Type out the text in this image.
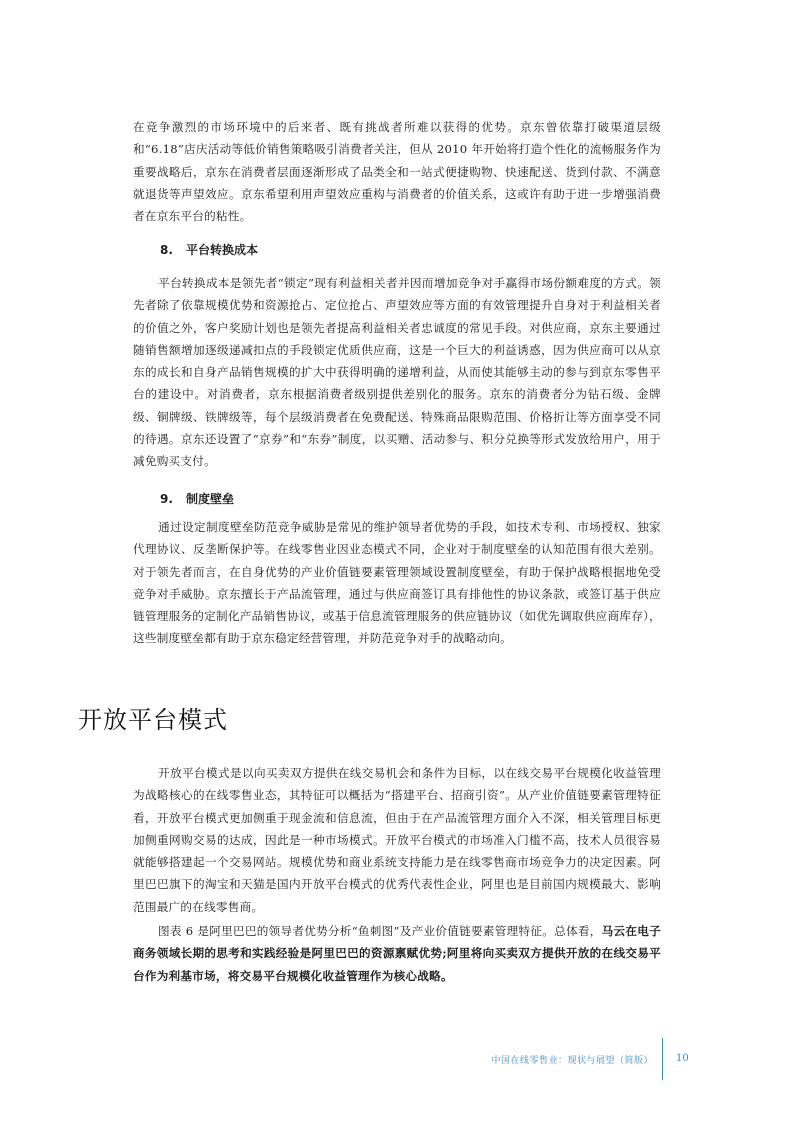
在竞争激烈的市场环境中的后来者、既有挑战者所难以获得的优势。京东曾依靠打破渠道层级和“6.18”店庆活动等低价销售策略吸引消费者关注，但从 2010 年开始将打造个性化的流畅服务作为重要战略后，京东在消费者层面逐渐形成了品类全和一站式便捷购物、快速配送、货到付款、不满意就退货等声望效应。京东希望利用声望效应重构与消费者的价值关系，这或许有助于进一步增强消费者在京东平台的粘性。

8. 平台转换成本

平台转换成本是领先者“锁定”现有利益相关者并因而增加竞争对手赢得市场份额难度的方式。领先者除了依靠规模优势和资源抢占、定位抢占、声望效应等方面的有效管理提升自身对于利益相关者的价值之外，客户奖励计划也是领先者提高利益相关者忠诚度的常见手段。对供应商，京东主要通过随销售额增加逐级递减扣点的手段锁定优质供应商，这是一个巨大的利益诱惑，因为供应商可以从京东的成长和自身产品销售规模的扩大中获得明确的递增利益，从而使其能够主动的参与到京东零售平台的建设中。对消费者，京东根据消费者级别提供差别化的服务。京东的消费者分为钻石级、金牌级、铜牌级、铁牌级等，每个层级消费者在免费配送、特殊商品限购范围、价格折让等方面享受不同的待遇。京东还设置了“京券”和“东券”制度，以买赠、活动参与、积分兑换等形式发放给用户，用于减免购买支付。

9. 制度壁垒

通过设定制度壁垒防范竞争威胁是常见的维护领导者优势的手段，如技术专利、市场授权、独家代理协议、反垄断保护等。在线零售业因业态模式不同，企业对于制度壁垒的认知范围有很大差别。对于领先者而言，在自身优势的产业价值链要素管理领域设置制度壁垒，有助于保护战略根据地免受竞争对手威胁。京东擅长于产品流管理，通过与供应商签订具有排他性的协议条款，或签订基于供应链管理服务的定制化产品销售协议，或基于信息流管理服务的供应链协议（如优先调取供应商库存），这些制度壁垒都有助于京东稳定经营管理，并防范竞争对手的战略动向。

开放平台模式

开放平台模式是以向买卖双方提供在线交易机会和条件为目标，以在线交易平台规模化收益管理为战略核心的在线零售业态，其特征可以概括为“搭建平台、招商引资”。从产业价值链要素管理特征看，开放平台模式更加侧重于现金流和信息流，但由于在产品流管理方面介入不深，相关管理目标更加侧重网购交易的达成，因此是一种市场模式。开放平台模式的市场准入门槛不高，技术人员很容易就能够搭建起一个交易网站。规模优势和商业系统支持能力是在线零售商市场竞争力的决定因素。阿里巴巴旗下的淘宝和天猫是国内开放平台模式的优秀代表性企业，阿里也是目前国内规模最大、影响范围最广的在线零售商。

图表 6 是阿里巴巴的领导者优势分析“鱼刺图”及产业价值链要素管理特征。总体看，马云在电子商务领域长期的思考和实践经验是阿里巴巴的资源禀赋优势;阿里将向买卖双方提供开放的在线交易平台作为利基市场，将交易平台规模化收益管理作为核心战略。

中国在线零售业：现状与展望（简版） 10
